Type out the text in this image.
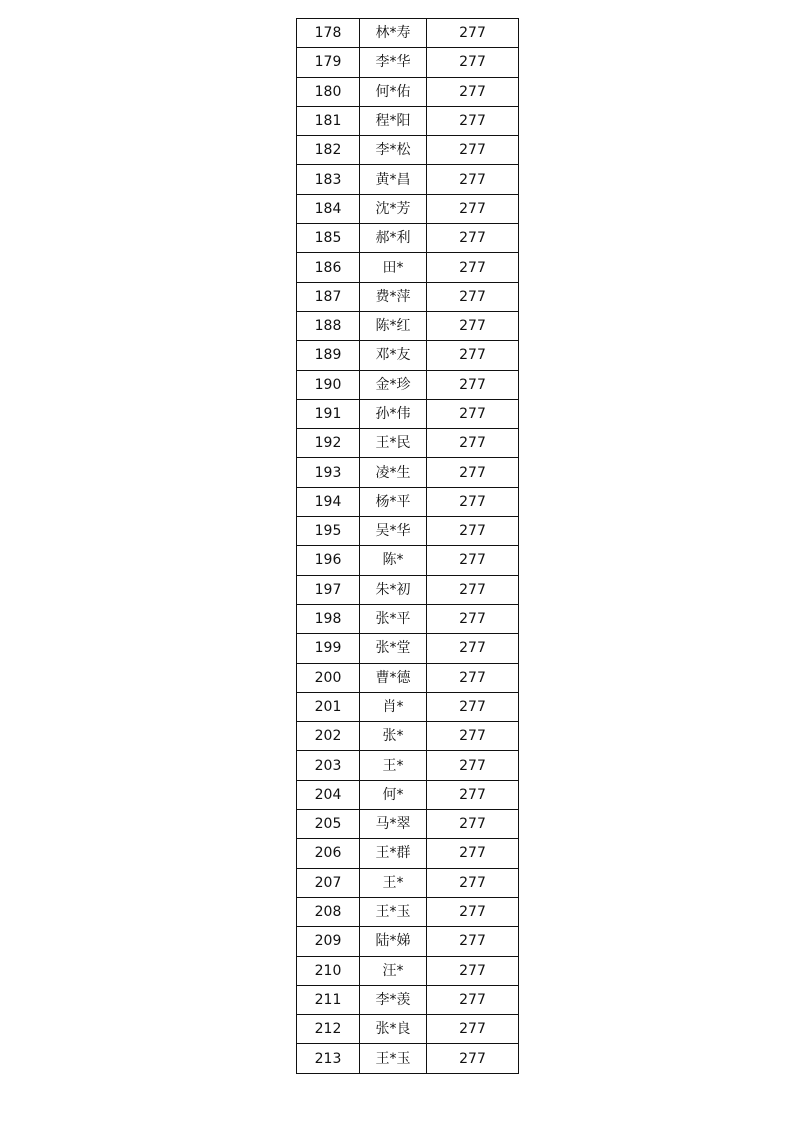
178	林*寿	277
179	李*华	277
180	何*佑	277
181	程*阳	277
182	李*松	277
183	黄*昌	277
184	沈*芳	277
185	郝*利	277
186	田*	277
187	费*萍	277
188	陈*红	277
189	邓*友	277
190	金*珍	277
191	孙*伟	277
192	王*民	277
193	凌*生	277
194	杨*平	277
195	吴*华	277
196	陈*	277
197	朱*初	277
198	张*平	277
199	张*堂	277
200	曹*德	277
201	肖*	277
202	张*	277
203	王*	277
204	何*	277
205	马*翠	277
206	王*群	277
207	王*	277
208	王*玉	277
209	陆*娣	277
210	汪*	277
211	李*羡	277
212	张*良	277
213	王*玉	277
